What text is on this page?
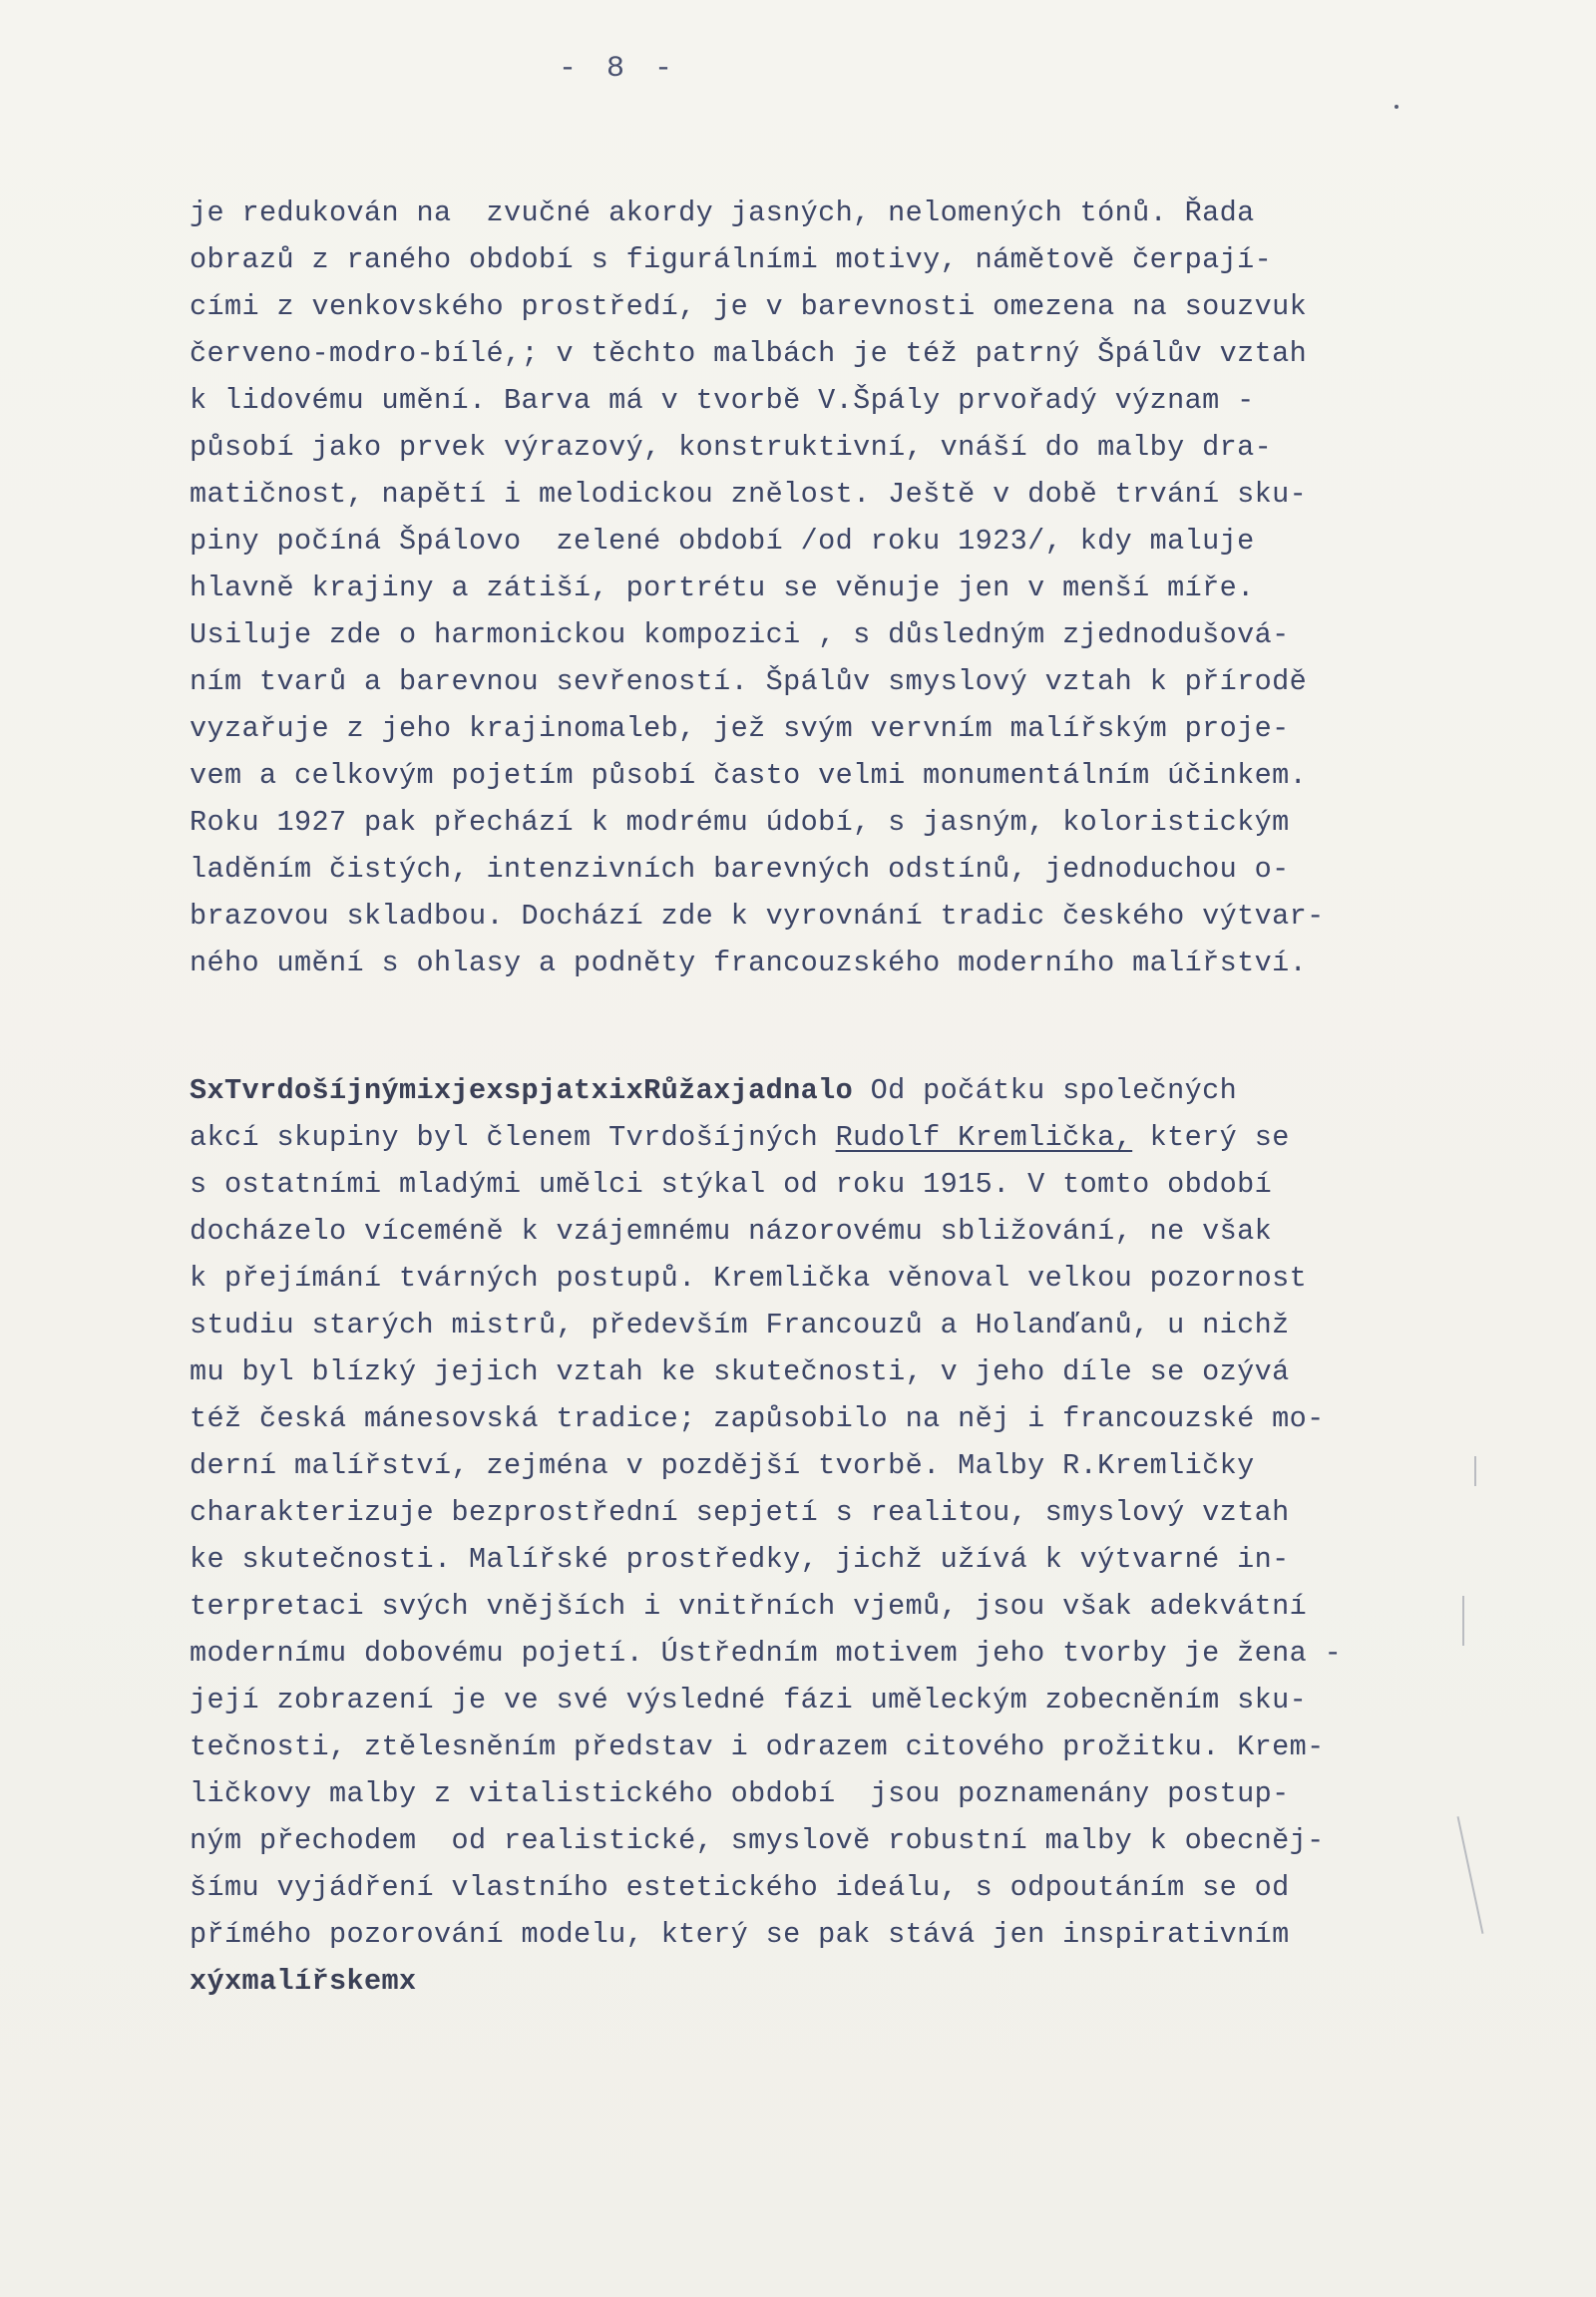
- 8 -
je redukován na  zvučné akordy jasných, nelomených tónů. Řada
obrazů z raného období s figurálními motivy, námětově čerpají-
cími z venkovského prostředí, je v barevnosti omezena na souzvuk
červeno-modro-bílé,; v těchto malbách je též patrný Špálův vztah
k lidovému umění. Barva má v tvorbě V.Špály prvořadý význam -
působí jako prvek výrazový, konstruktivní, vnáší do malby dra-
matičnost, napětí i melodickou znělost. Ještě v době trvání sku-
piny počíná Špálovo  zelené období /od roku 1923/, kdy maluje
hlavně krajiny a zátiší, portrétu se věnuje jen v menší míře.
Usiluje zde o harmonickou kompozici , s důsledným zjednodušová-
ním tvarů a barevnou sevřeností. Špálův smyslový vztah k přírodě
vyzařuje z jeho krajinomaleb, jež svým vervním malířským proje-
vem a celkovým pojetím působí často velmi monumentálním účinkem.
Roku 1927 pak přechází k modrému údobí, s jasným, koloristickým
laděním čistých, intenzivních barevných odstínů, jednoduchou o-
brazovou skladbou. Dochází zde k vyrovnání tradic českého výtvar-
ného umění s ohlasy a podněty francouzského moderního malířství.
SxTvrdošíjnýmixjexspjatxixRůžaxjadnalo Od počátku společných
akcí skupiny byl členem Tvrdošíjných Rudolf Kremlička, který se
s ostatními mladými umělci stýkal od roku 1915. V tomto období
docházelo víceméně k vzájemnému názorovému sbližování, ne však
k přejímání tvárných postupů. Kremlička věnoval velkou pozornost
studiu starých mistrů, především Francouzů a Holanďanů, u nichž
mu byl blízký jejich vztah ke skutečnosti, v jeho díle se ozývá
též česká mánesovská tradice; zapůsobilo na něj i francouzské mo-
derní malířství, zejména v pozdější tvorbě. Malby R.Kremličky
charakterizuje bezprostřední sepjetí s realitou, smyslový vztah
ke skutečnosti. Malířské prostředky, jichž užívá k výtvarné in-
terpretaci svých vnějších i vnitřních vjemů, jsou však adekvátní
modernímu dobovému pojetí. Ústředním motivem jeho tvorby je žena -
její zobrazení je ve své výsledné fázi uměleckým zobecněním sku-
tečnosti, ztělesněním představ i odrazem citového prožitku. Krem-
ličkovy malby z vitalistického období  jsou poznamenány postup-
ným přechodem  od realistické, smyslově robustní malby k obecněj-
šímu vyjádření vlastního estetického ideálu, s odpoutáním se od
přímého pozorování modelu, který se pak stává jen inspirativním
xýxmalířskemx
